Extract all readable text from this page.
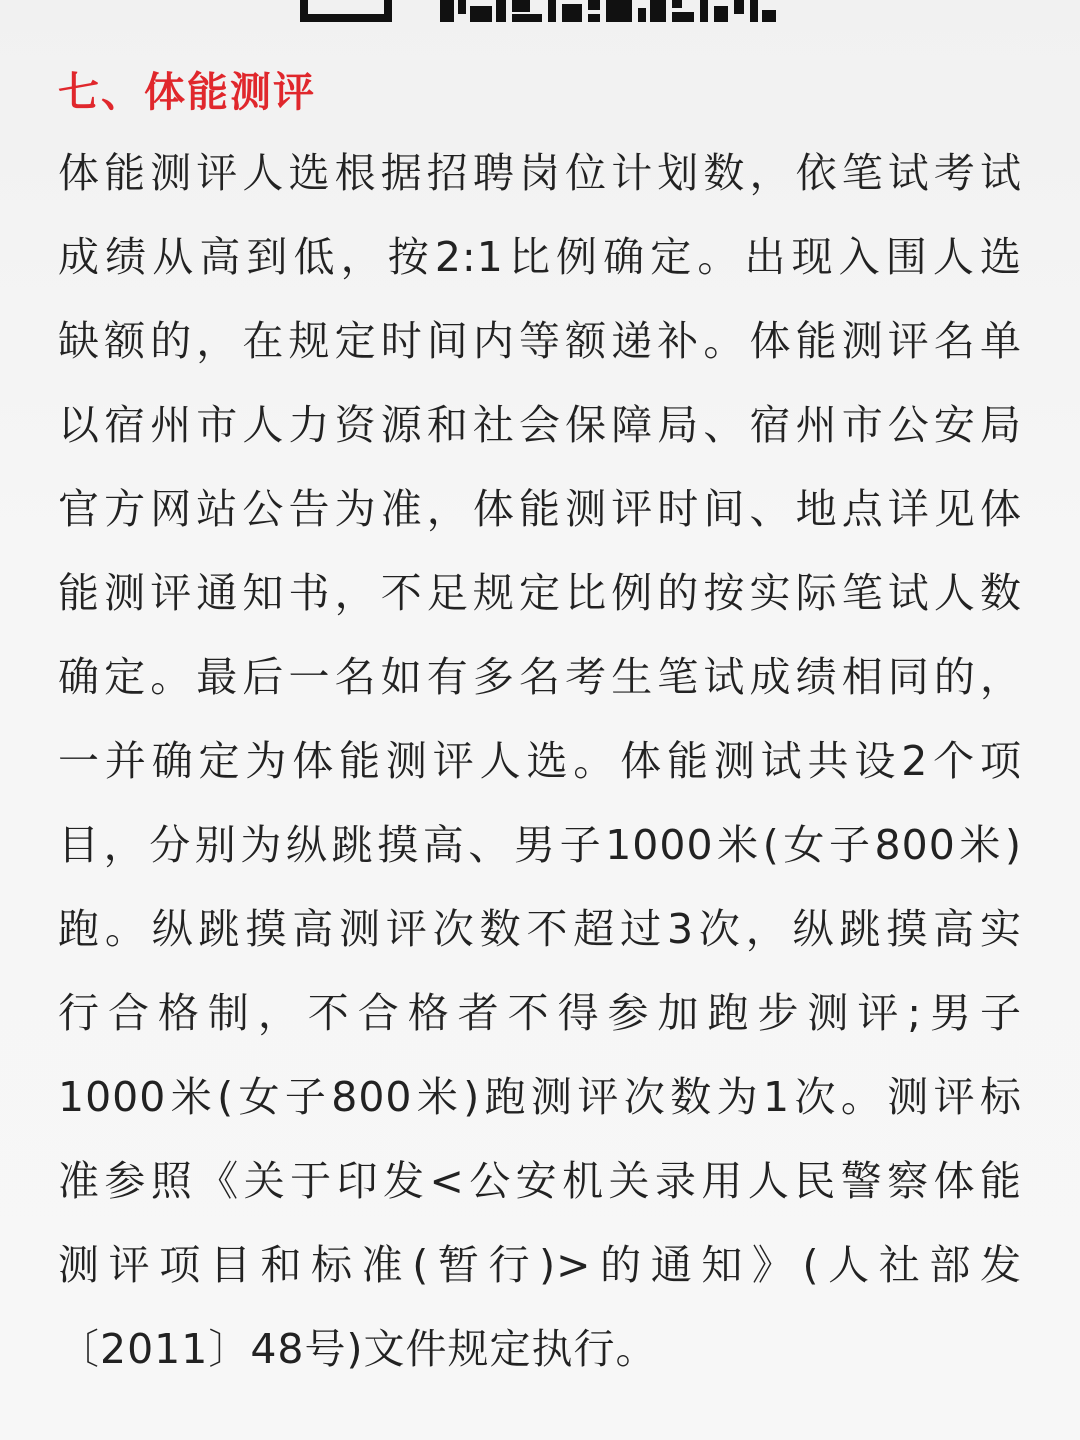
七、体能测评
体能测评人选根据招聘岗位计划数，依笔试考试
成绩从高到低，按2:1比例确定。出现入围人选
缺额的，在规定时间内等额递补。体能测评名单
以宿州市人力资源和社会保障局、宿州市公安局
官方网站公告为准，体能测评时间、地点详见体
能测评通知书，不足规定比例的按实际笔试人数
确定。最后一名如有多名考生笔试成绩相同的，
一并确定为体能测评人选。体能测试共设2个项
目，分别为纵跳摸高、男子1000米(女子800米)
跑。纵跳摸高测评次数不超过3次，纵跳摸高实
行合格制，不合格者不得参加跑步测评;男子
1000米(女子800米)跑测评次数为1次。测评标
准参照《关于印发<公安机关录用人民警察体能
测评项目和标准(暂行)>的通知》(人社部发
〔2011〕48号)文件规定执行。
